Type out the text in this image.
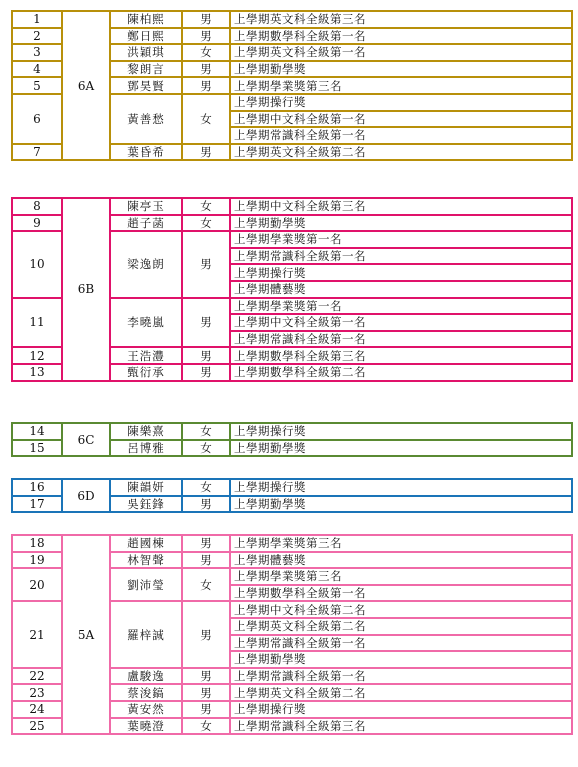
1	6A	陳柏熙	男	上學期英文科全級第三名
2		鄭日熙	男	上學期數學科全級第一名
3		洪穎琪	女	上學期英文科全級第一名
4		黎朗言	男	上學期勤學獎
5		鄧昊賢	男	上學期學業獎第三名
6		黃善愁	女	上學期操行獎
				上學期中文科全級第一名
				上學期常識科全級第一名
7		葉昏希	男	上學期英文科全級第二名
8	6B	陳亭玉	女	上學期中文科全級第三名
9		趙子菡	女	上學期勤學獎
10		梁逸朗	男	上學期學業獎第一名
				上學期常識科全級第一名
				上學期操行獎
				上學期體藝獎
11		李曉嵐	男	上學期學業獎第一名
				上學期中文科全級第一名
				上學期常識科全級第一名
12		王浩灃	男	上學期數學科全級第三名
13		甄衍承	男	上學期數學科全級第二名
14	6C	陳樂熹	女	上學期操行獎
15		呂博雅	女	上學期勤學獎
16	6D	陳韻妍	女	上學期操行獎
17		吳鈺鋒	男	上學期勤學獎
18	5A	趙國棟	男	上學期學業獎第三名
19		林智聲	男	上學期體藝獎
20		劉沛瑩	女	上學期學業獎第三名
				上學期數學科全級第一名
21		羅梓誠	男	上學期中文科全級第二名
				上學期英文科全級第二名
				上學期常識科全級第一名
				上學期勤學獎
22		盧駿逸	男	上學期常識科全級第一名
23		蔡浚鎬	男	上學期英文科全級第二名
24		黃安然	男	上學期操行獎
25		葉曉澄	女	上學期常識科全級第三名
